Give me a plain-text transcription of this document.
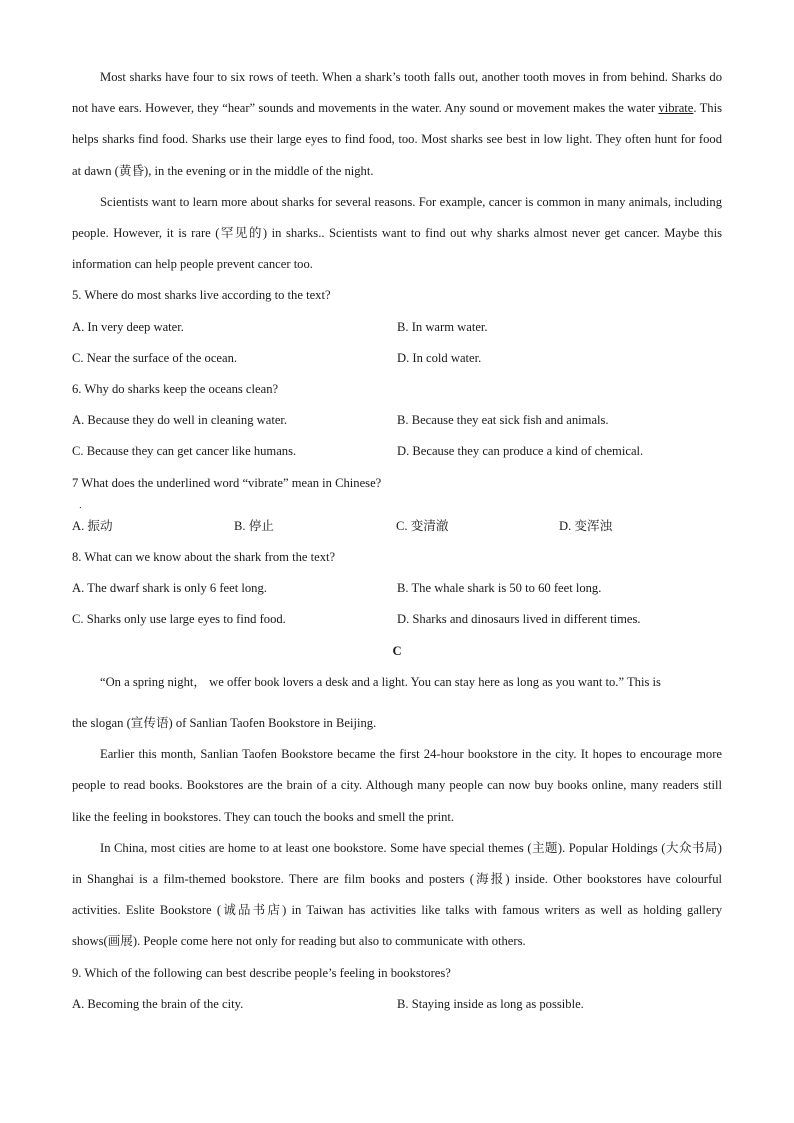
Most sharks have four to six rows of teeth. When a shark’s tooth falls out, another tooth moves in from behind. Sharks do not have ears. However, they “hear” sounds and movements in the water. Any sound or movement makes the water vibrate. This helps sharks find food. Sharks use their large eyes to find food, too. Most sharks see best in low light. They often hunt for food at dawn (黄昏), in the evening or in the middle of the night.

Scientists want to learn more about sharks for several reasons. For example, cancer is common in many animals, including people. However, it is rare (罕见的) in sharks.. Scientists want to find out why sharks almost never get cancer. Maybe this information can help people prevent cancer too.

5. Where do most sharks live according to the text?

A. In very deep water.	B. In warm water.
C. Near the surface of the ocean.	D. In cold water.

6. Why do sharks keep the oceans clean?

A. Because they do well in cleaning water.	B. Because they eat sick fish and animals.
C. Because they can get cancer like humans.	D. Because they can produce a kind of chemical.
7 What does the underlined word “vibrate” mean in Chinese?
．
A. 振动	B. 停止	C. 变清澈	D. 变浑浊

8. What can we know about the shark from the text?

A. The dwarf shark is only 6 feet long.	B. The whale shark is 50 to 60 feet long.
C. Sharks only use large eyes to find food.	D. Sharks and dinosaurs lived in different times.
C
“On a spring night， we offer book lovers a desk and a light. You can stay here as long as you want to.” This is
the slogan (宣传语) of Sanlian Taofen Bookstore in Beijing.

Earlier this month, Sanlian Taofen Bookstore became the first 24-hour bookstore in the city. It hopes to encourage more people to read books. Bookstores are the brain of a city. Although many people can now buy books online, many readers still like the feeling in bookstores. They can touch the books and smell the print.

In China, most cities are home to at least one bookstore. Some have special themes (主题). Popular Holdings (大众书局) in Shanghai is a film-themed bookstore. There are film books and posters (海报) inside. Other bookstores have colourful activities. Eslite Bookstore (诚品书店) in Taiwan has activities like talks with famous writers as well as holding gallery shows(画展). People come here not only for reading but also to communicate with others.

9. Which of the following can best describe people’s feeling in bookstores?

A. Becoming the brain of the city.	B. Staying inside as long as possible.
